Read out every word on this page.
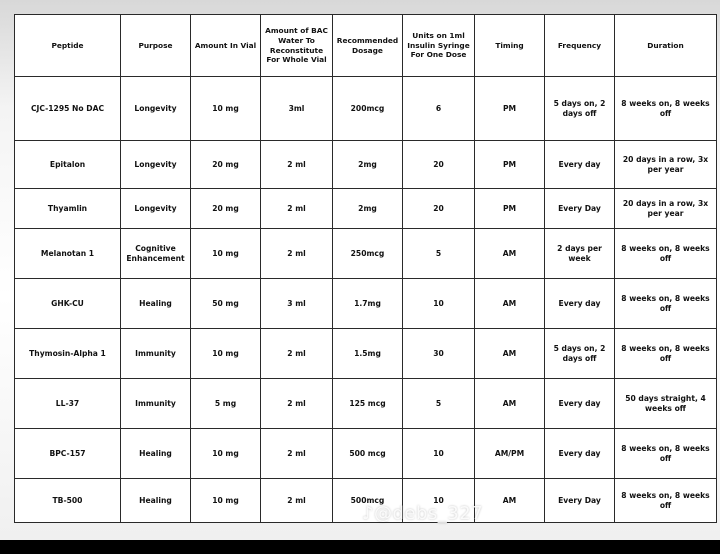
Peptide	Purpose	Amount In Vial	Amount of BAC Water To Reconstitute For Whole Vial	Recommended Dosage	Units on 1ml Insulin Syringe For One Dose	Timing	Frequency	Duration
CJC-1295 No DAC	Longevity	10 mg	3ml	200mcg	6	PM	5 days on, 2 days off	8 weeks on, 8 weeks off
Epitalon	Longevity	20 mg	2 ml	2mg	20	PM	Every day	20 days in a row, 3x per year
Thyamlin	Longevity	20 mg	2 ml	2mg	20	PM	Every Day	20 days in a row, 3x per year
Melanotan 1	Cognitive Enhancement	10 mg	2 ml	250mcg	5	AM	2 days per week	8 weeks on, 8 weeks off
GHK-CU	Healing	50 mg	3 ml	1.7mg	10	AM	Every day	8 weeks on, 8 weeks off
Thymosin-Alpha 1	Immunity	10 mg	2 ml	1.5mg	30	AM	5 days on, 2 days off	8 weeks on, 8 weeks off
LL-37	Immunity	5 mg	2 ml	125 mcg	5	AM	Every day	50 days straight, 4 weeks off
BPC-157	Healing	10 mg	2 ml	500 mcg	10	AM/PM	Every day	8 weeks on, 8 weeks off
TB-500	Healing	10 mg	2 ml	500mcg	10	AM	Every Day	8 weeks on, 8 weeks off
♪@debs_327
